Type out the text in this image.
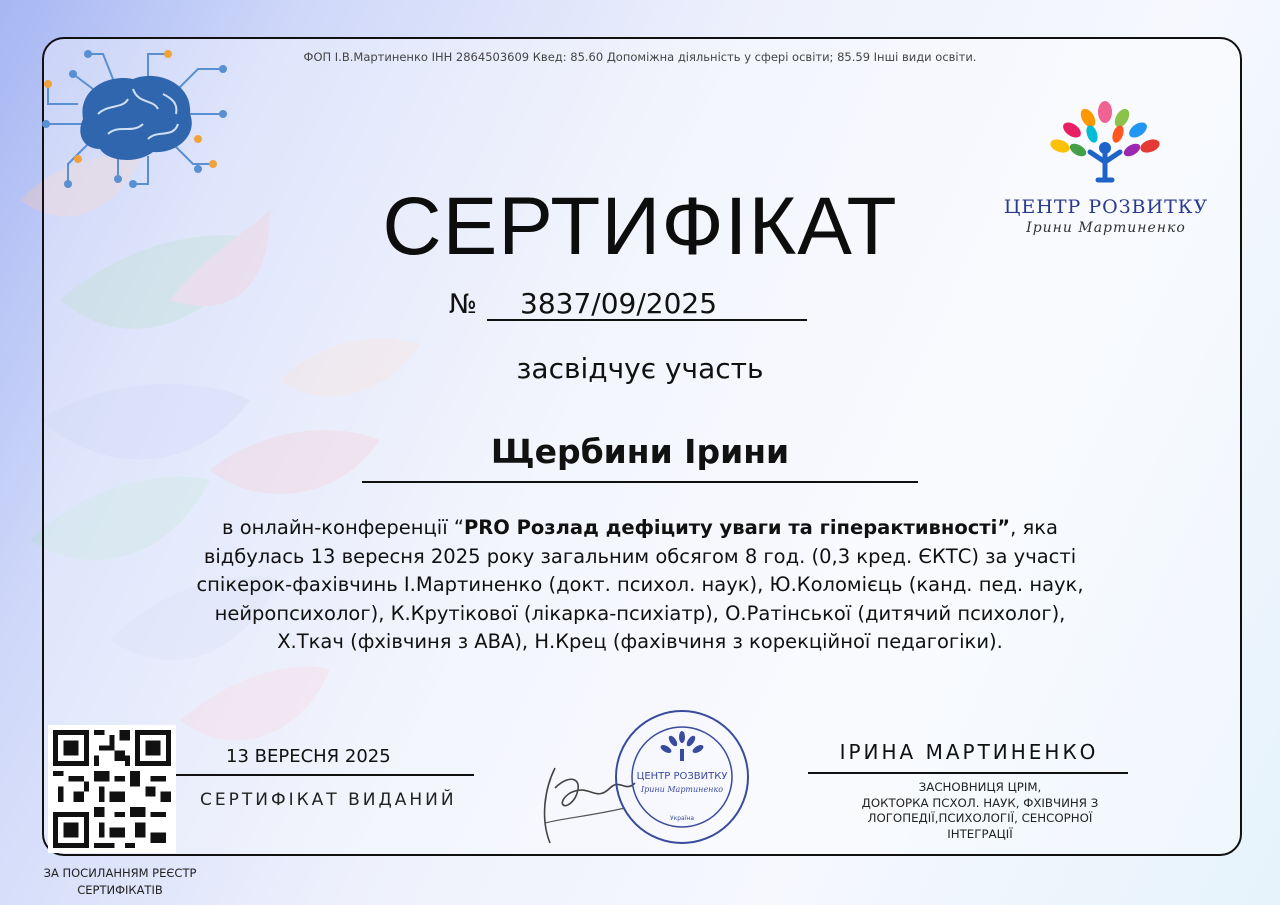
ФОП І.В.Мартиненко ІНН 2864503609 Квед: 85.60 Допоміжна діяльність у сфері освіти; 85.59 Інші види освіти.
ЦЕНТР РОЗВИТКУ
Ірини Мартиненко
СЕРТИФІКАТ
№ 3837/09/2025
засвідчує участь
Щербини Ірини
в онлайн-конференції “PRO Розлад дефіциту уваги та гіперактивності”, яка
відбулась 13 вересня 2025 року загальним обсягом 8 год. (0,3 кред. ЄКТС) за участі
спікерок-фахівчинь І.Мартиненко (докт. психол. наук), Ю.Коломієць (канд. пед. наук,
нейропсихолог), К.Крутікової (лікарка-психіатр), О.Ратінської (дитячий психолог),
Х.Ткач (фхівчиня з АВА), Н.Крец (фахівчиня з корекційної педагогіки).
ЗА ПОСИЛАННЯМ РЕЄСТР
СЕРТИФІКАТІВ
13 ВЕРЕСНЯ 2025
СЕРТИФІКАТ ВИДАНИЙ
ЦЕНТР РОЗВИТКУ
Ірини Мартиненко
Україна
ІРИНА МАРТИНЕНКО
ЗАСНОВНИЦЯ ЦРІМ,
ДОКТОРКА ПСХОЛ. НАУК, ФХІВЧИНЯ З
ЛОГОПЕДІЇ,ПСИХОЛОГІЇ, СЕНСОРНОЇ
ІНТЕГРАЦІЇ
